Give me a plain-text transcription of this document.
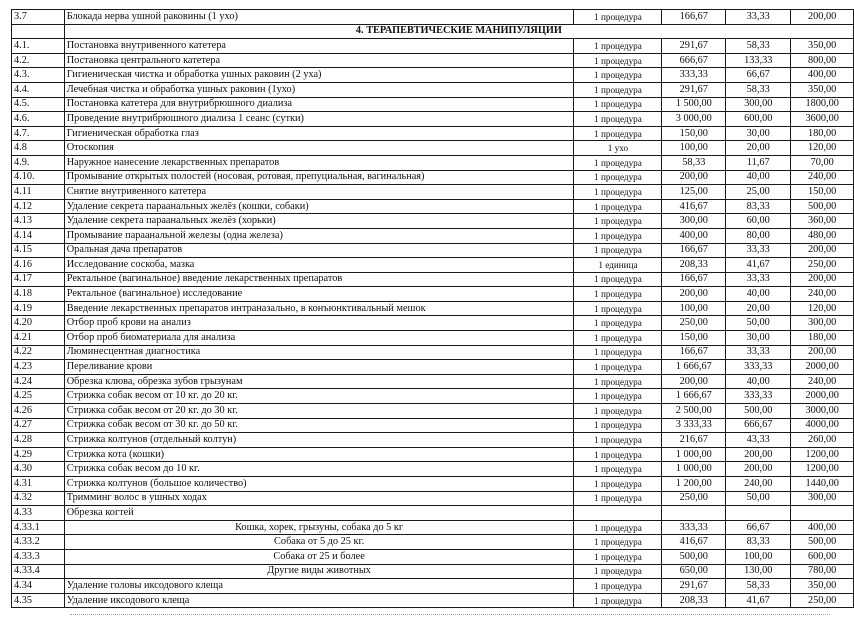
3.7	Блокада нерва ушной раковины (1 ухо)	1 процедура	166,67	33,33	200,00
	4. ТЕРАПЕВТИЧЕСКИЕ МАНИПУЛЯЦИИ				
4.1.	Постановка внутривенного катетера	1 процедура	291,67	58,33	350,00
4.2.	Постановка центрального катетера	1 процедура	666,67	133,33	800,00
4.3.	Гигиеническая чистка и обработка ушных раковин (2 уха)	1 процедура	333,33	66,67	400,00
4.4.	Лечебная чистка и обработка ушных раковин (1ухо)	1 процедура	291,67	58,33	350,00
4.5.	Постановка катетера для внутрибрюшного диализа	1 процедура	1 500,00	300,00	1800,00
4.6.	Проведение внутрибрюшного диализа 1 сеанс (сутки)	1 процедура	3 000,00	600,00	3600,00
4.7.	Гигиеническая обработка глаз	1 процедура	150,00	30,00	180,00
4.8	Отоскопия	1 ухо	100,00	20,00	120,00
4.9.	Наружное нанесение лекарственных препаратов	1 процедура	58,33	11,67	70,00
4.10.	Промывание открытых полостей (носовая, ротовая, препуциальная, вагинальная)	1 процедура	200,00	40,00	240,00
4.11	Снятие внутривенного катетера	1 процедура	125,00	25,00	150,00
4.12	Удаление секрета параанальных желёз (кошки, собаки)	1 процедура	416,67	83,33	500,00
4.13	Удаление секрета параанальных желёз (хорьки)	1 процедура	300,00	60,00	360,00
4.14	Промывание параанальной железы (одна железа)	1 процедура	400,00	80,00	480,00
4.15	Оральная дача препаратов	1 процедура	166,67	33,33	200,00
4.16	Исследование соскоба, мазка	1 единица	208,33	41,67	250,00
4.17	Ректальное (вагинальное) введение лекарственных препаратов	1 процедура	166,67	33,33	200,00
4.18	Ректальное (вагинальное) исследование	1 процедура	200,00	40,00	240,00
4.19	Введение лекарственных препаратов интраназально, в конъюнктивальный мешок	1 процедура	100,00	20,00	120,00
4.20	Отбор проб крови на анализ	1 процедура	250,00	50,00	300,00
4.21	Отбор проб биоматериала для анализа	1 процедура	150,00	30,00	180,00
4.22	Люминесцентная диагностика	1 процедура	166,67	33,33	200,00
4.23	Переливание крови	1 процедура	1 666,67	333,33	2000,00
4.24	Обрезка клюва, обрезка зубов грызунам	1 процедура	200,00	40,00	240,00
4.25	Стрижка собак весом от 10 кг. до 20 кг.	1 процедура	1 666,67	333,33	2000,00
4.26	Стрижка собак весом от 20 кг. до 30 кг.	1 процедура	2 500,00	500,00	3000,00
4.27	Стрижка собак весом от 30 кг. до 50 кг.	1 процедура	3 333,33	666,67	4000,00
4.28	Стрижка колтунов (отдельный колтун)	1 процедура	216,67	43,33	260,00
4.29	Стрижка кота (кошки)	1 процедура	1 000,00	200,00	1200,00
4.30	Стрижка собак весом до 10 кг.	1 процедура	1 000,00	200,00	1200,00
4.31	Стрижка колтунов (большое количество)	1 процедура	1 200,00	240,00	1440,00
4.32	Тримминг волос в ушных ходах	1 процедура	250,00	50,00	300,00
4.33	Обрезка когтей				
4.33.1	Кошка, хорек, грызуны, собака до 5 кг	1 процедура	333,33	66,67	400,00
4.33.2	Собака от 5 до 25 кг.	1 процедура	416,67	83,33	500,00
4.33.3	Собака от 25 и более	1 процедура	500,00	100,00	600,00
4.33.4	Другие виды животных	1 процедура	650,00	130,00	780,00
4.34	Удаление головы иксодового клеща	1 процедура	291,67	58,33	350,00
4.35	Удаление иксодового клеща	1 процедура	208,33	41,67	250,00
